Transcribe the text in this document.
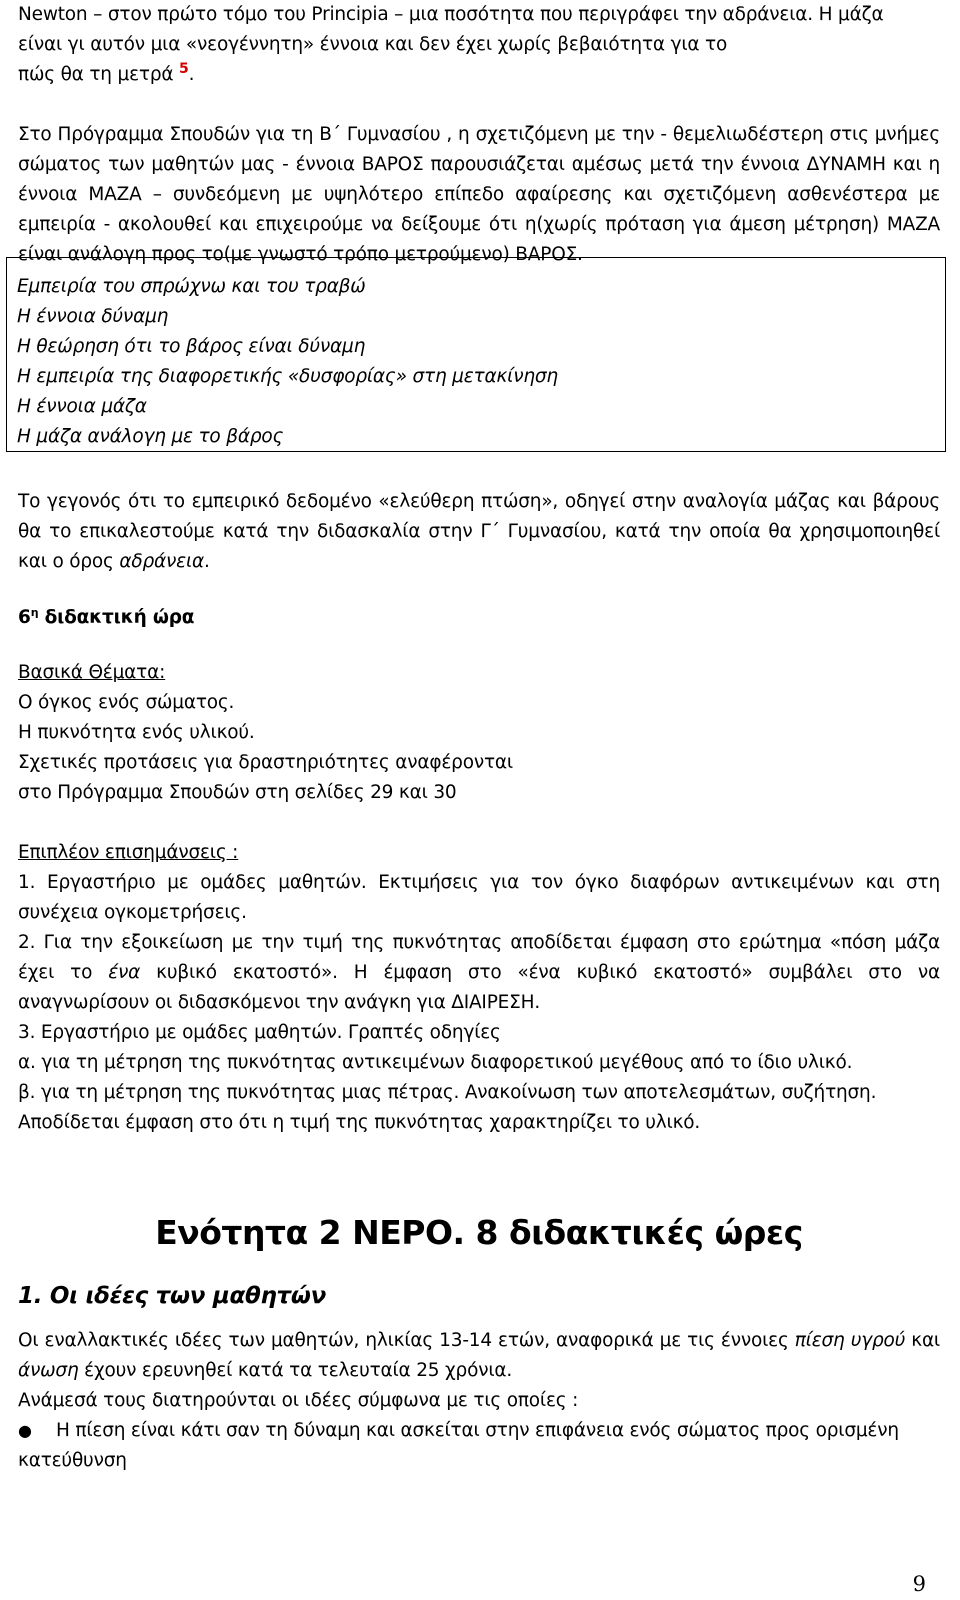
Newton – στον πρώτο τόμο του Principia – μια ποσότητα που περιγράφει την αδράνεια. Η μάζα

είναι γι αυτόν μια «νεογέννητη» έννοια και δεν έχει χωρίς βεβαιότητα για το

πώς θα τη μετρά $^5$.

Στο Πρόγραμμα Σπουδών για τη Β΄ Γυμνασίου , η σχετιζόμενη με την - θεμελιωδέστερη στις μνήμες σώματος των μαθητών μας - έννοια ΒΑΡΟΣ παρουσιάζεται αμέσως μετά την έννοια ΔΥΝΑΜΗ και η έννοια ΜΑΖΑ – συνδεόμενη με υψηλότερο επίπεδο αφαίρεσης και σχετιζόμενη ασθενέστερα με εμπειρία - ακολουθεί και επιχειρούμε να δείξουμε ότι η(χωρίς πρόταση για άμεση μέτρηση) ΜΑΖΑ είναι ανάλογη προς το(με γνωστό τρόπο μετρούμενο) ΒΑΡΟΣ.

Εμπειρία του σπρώχνω και του τραβώ
Η έννοια δύναμη
Η θεώρηση ότι το βάρος είναι δύναμη
Η εμπειρία της διαφορετικής «δυσφορίας» στη μετακίνηση
Η έννοια μάζα
Η μάζα ανάλογη με το βάρος

Το γεγονός ότι το εμπειρικό δεδομένο «ελεύθερη πτώση», οδηγεί στην αναλογία μάζας και βάρους θα το επικαλεστούμε κατά την διδασκαλία στην Γ΄ Γυμνασίου, κατά την οποία θα χρησιμοποιηθεί και ο όρος αδράνεια.

$6^\eta$ διδακτική ώρα

Βασικά Θέματα:

Ο όγκος ενός σώματος.

Η πυκνότητα ενός υλικού.

Σχετικές προτάσεις για δραστηριότητες αναφέρονται

στο Πρόγραμμα Σπουδών στη σελίδες 29 και 30

Επιπλέον επισημάνσεις :

1. Εργαστήριο με ομάδες μαθητών. Εκτιμήσεις για τον όγκο διαφόρων αντικειμένων και στη συνέχεια ογκομετρήσεις.

2. Για την εξοικείωση με την τιμή της πυκνότητας αποδίδεται έμφαση στο ερώτημα «πόση μάζα έχει το ένα κυβικό εκατοστό». Η έμφαση στο «ένα κυβικό εκατοστό» συμβάλει στο να αναγνωρίσουν οι διδασκόμενοι την ανάγκη για ΔΙΑΙΡΕΣΗ.

3. Εργαστήριο με ομάδες μαθητών. Γραπτές οδηγίες

α. για τη μέτρηση της πυκνότητας αντικειμένων διαφορετικού μεγέθους από το ίδιο υλικό.

β. για τη μέτρηση της πυκνότητας μιας πέτρας. Ανακοίνωση των αποτελεσμάτων, συζήτηση.

Αποδίδεται έμφαση στο ότι η τιμή της πυκνότητας χαρακτηρίζει το υλικό.

Ενότητα 2 ΝΕΡΟ. 8 διδακτικές ώρες
1. Οι ιδέες των μαθητών

Οι εναλλακτικές ιδέες των μαθητών, ηλικίας 13-14 ετών, αναφορικά με τις έννοιες πίεση υγρού και άνωση έχουν ερευνηθεί κατά τα τελευταία 25 χρόνια.

Ανάμεσά τους διατηρούνται οι ιδέες σύμφωνα με τις οποίες :

●	Η πίεση είναι κάτι σαν τη δύναμη και ασκείται στην επιφάνεια ενός σώματος προς ορισμένη κατεύθυνση
9
